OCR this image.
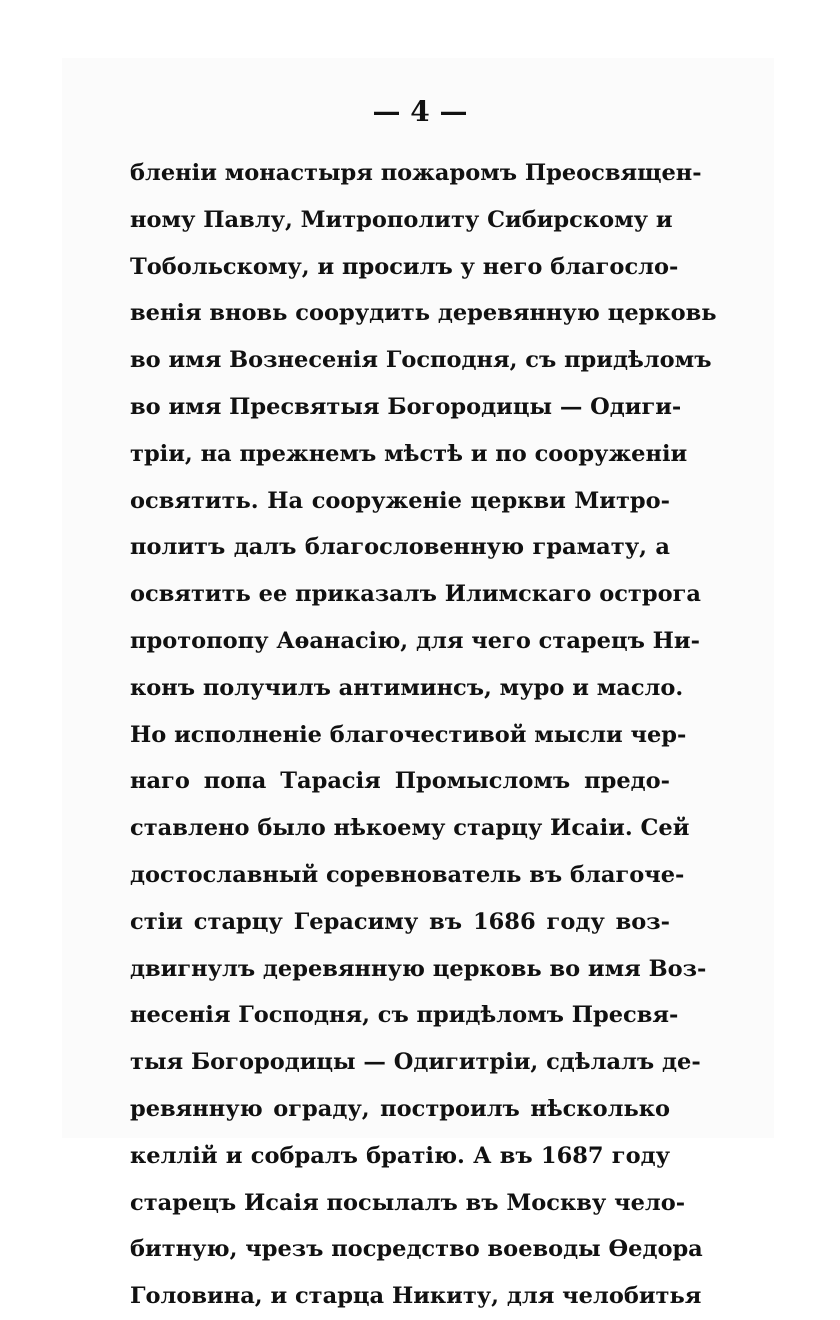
— 4 —
бленіи монастыря пожаромъ Преосвящен-
ному Павлу, Митрополиту Сибирскому и
Тобольскому, и просилъ у него благосло-
венія вновь соорудить деревянную церковь
во имя Вознесенія Господня, съ придѣломъ
во имя Пресвятыя Богородицы — Одиги-
тріи, на прежнемъ мѣстѣ и по сооруженіи
освятить. На сооруженіе церкви Митро-
политъ далъ благословенную грамату, а
освятить ее приказалъ Илимскаго острога
протопопу Аѳанасію, для чего старецъ Ни-
конъ получилъ антиминсъ, муро и масло.
Но исполненіе благочестивой мысли чер-
наго попа Тарасія Промысломъ предо-
ставлено было нѣкоему старцу Исаіи. Сей
достославный соревнователь въ благоче-
стіи старцу Герасиму въ 1686 году воз-
двигнулъ деревянную церковь во имя Воз-
несенія Господня, съ придѣломъ Пресвя-
тыя Богородицы — Одигитріи, сдѣлалъ де-
ревянную ограду, построилъ нѣсколько
келлій и собралъ братію. А въ 1687 году
старецъ Исаія посылалъ въ Москву чело-
битную, чрезъ посредство воеводы Ѳедора
Головина, и старца Никиту, для челобитья
